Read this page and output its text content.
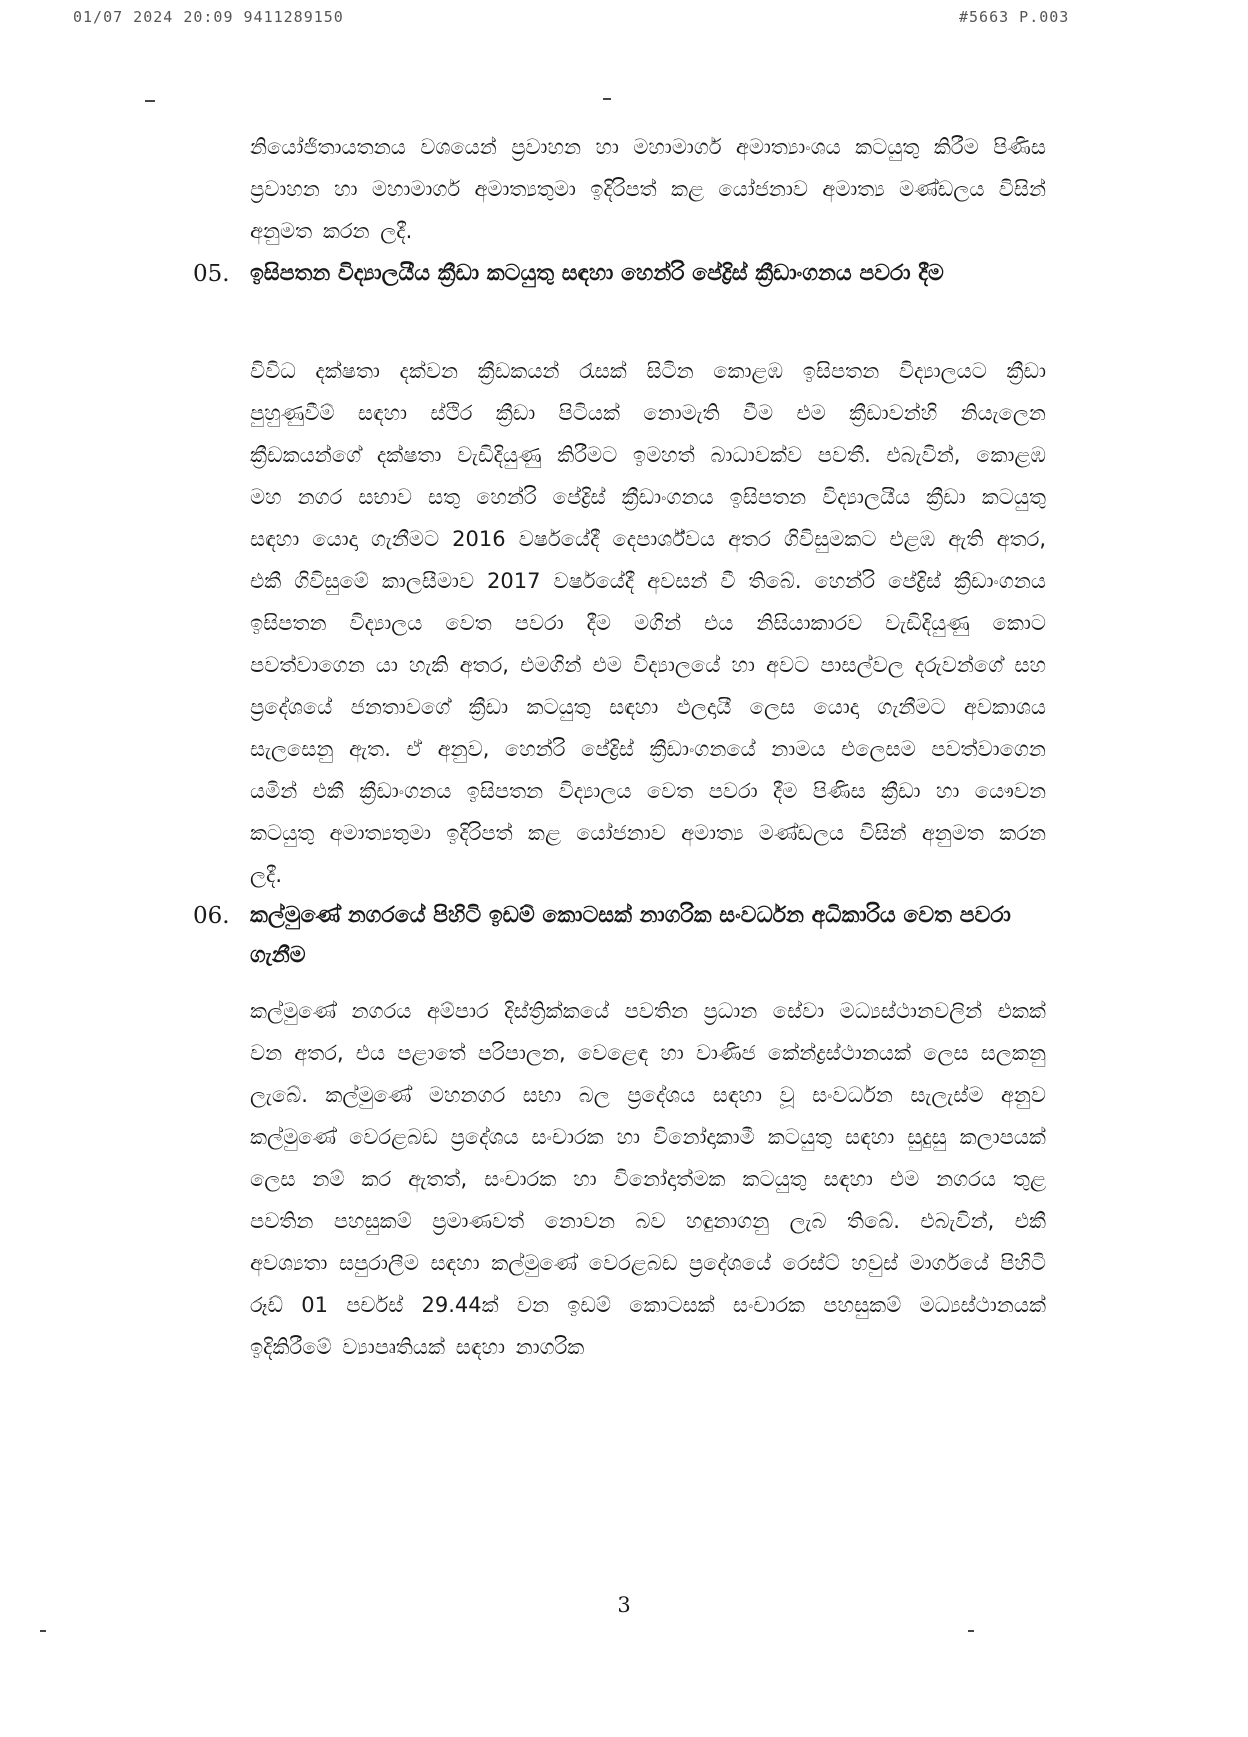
01/07 2024 20:09 9411289150	#5663 P.003
නියෝජිතායතනය වශයෙන් ප්‍රවාහන හා මහාමාර්ග අමාත්‍යාංශය කටයුතු කිරීම පිණිස ප්‍රවාහන හා මහාමාර්ග අමාත්‍යතුමා ඉදිරිපත් කළ යෝජනාව අමාත්‍ය මණ්ඩලය විසින් අනුමත කරන ලදී.
05. ඉසිපතන විද්‍යාලයීය ක්‍රීඩා කටයුතු සඳහා හෙන්රි පේද්‍රිස් ක්‍රීඩාංගනය පවරා දීම
විවිධ දක්ෂතා දක්වන ක්‍රීඩකයන් රැසක් සිටින කොළඹ ඉසිපතන විද්‍යාලයට ක්‍රීඩා පුහුණුවීම් සඳහා ස්ථිර ක්‍රීඩා පිටියක් නොමැති වීම එම ක්‍රීඩාවන්හි නියැලෙන ක්‍රීඩකයන්ගේ දක්ෂතා වැඩිදියුණු කිරීමට ඉමහත් බාධාවක්ව පවතී. එබැවින්, කොළඹ මහ නගර සභාව සතු හෙන්රි පේද්‍රිස් ක්‍රීඩාංගනය ඉසිපතන විද්‍යාලයීය ක්‍රීඩා කටයුතු සඳහා යොදා ගැනීමට 2016 වර්ෂයේදී දෙපාර්ශ්වය අතර ගිවිසුමකට එළඹ ඇති අතර, එකී ගිවිසුමේ කාලසීමාව 2017 වර්ෂයේදී අවසන් වී තිබේ. හෙන්රි පේද්‍රිස් ක්‍රීඩාංගනය ඉසිපතන විද්‍යාලය වෙත පවරා දීම මගින් එය නිසියාකාරව වැඩිදියුණු කොට පවත්වාගෙන යා හැකි අතර, එමගින් එම විද්‍යාලයේ හා අවට පාසල්වල දරුවන්ගේ සහ ප්‍රදේශයේ ජනතාවගේ ක්‍රීඩා කටයුතු සඳහා ඵලදායී ලෙස යොදා ගැනීමට අවකාශය සැලසෙනු ඇත. ඒ අනුව, හෙන්රි පේද්‍රිස් ක්‍රීඩාංගනයේ නාමය එලෙසම පවත්වාගෙන යමින් එකී ක්‍රීඩාංගනය ඉසිපතන විද්‍යාලය වෙත පවරා දීම පිණිස ක්‍රීඩා හා යෞවන කටයුතු අමාත්‍යතුමා ඉදිරිපත් කළ යෝජනාව අමාත්‍ය මණ්ඩලය විසින් අනුමත කරන ලදී.
06. කල්මුණේ නගරයේ පිහිටි ඉඩම් කොටසක් නාගරික සංවර්ධන අධිකාරිය වෙත පවරා ගැනීම
කල්මුණේ නගරය අම්පාර දිස්ත්‍රික්කයේ පවතින ප්‍රධාන සේවා මධ්‍යස්ථානවලින් එකක් වන අතර, එය පළාතේ පරිපාලන, වෙළෙඳ හා වාණිජ කේන්ද්‍රස්ථානයක් ලෙස සලකනු ලැබේ. කල්මුණේ මහනගර සභා බල ප්‍රදේශය සඳහා වූ සංවර්ධන සැලැස්ම අනුව කල්මුණේ වෙරළබඩ ප්‍රදේශය සංචාරක හා විනෝදාකාමී කටයුතු සඳහා සුදුසු කලාපයක් ලෙස නම් කර ඇතත්, සංචාරක හා විනෝදාත්මක කටයුතු සඳහා එම නගරය තුළ පවතින පහසුකම් ප්‍රමාණවත් නොවන බව හඳුනාගනු ලැබ තිබේ. එබැවින්, එකී අවශ්‍යතා සපුරාලීම සඳහා කල්මුණේ වෙරළබඩ ප්‍රදේශයේ රෙස්ට් හවුස් මාර්ගයේ පිහිටි රූඩ් 01 පර්චස් 29.44ක් වන ඉඩම් කොටසක් සංචාරක පහසුකම් මධ්‍යස්ථානයක් ඉදිකිරීමේ ව්‍යාපෘතියක් සඳහා නාගරික
3
